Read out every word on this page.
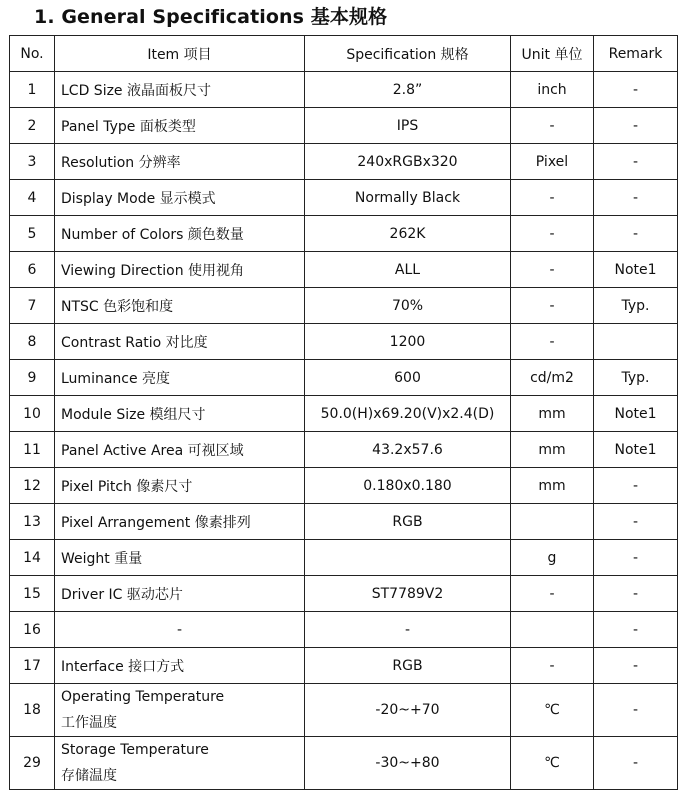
1. General Specifications 基本规格
No.	Item 项目	Specification 规格	Unit 单位	Remark
1	LCD Size 液晶面板尺寸	2.8”	inch	-
2	Panel Type 面板类型	IPS	-	-
3	Resolution 分辨率	240xRGBx320	Pixel	-
4	Display Mode 显示模式	Normally Black	-	-
5	Number of Colors 颜色数量	262K	-	-
6	Viewing Direction 使用视角	ALL	-	Note1
7	NTSC 色彩饱和度	70%	-	Typ.
8	Contrast Ratio 对比度	1200	-	
9	Luminance 亮度	600	cd/m2	Typ.
10	Module Size 模组尺寸	50.0(H)x69.20(V)x2.4(D)	mm	Note1
11	Panel Active Area 可视区域	43.2x57.6	mm	Note1
12	Pixel Pitch 像素尺寸	0.180x0.180	mm	-
13	Pixel Arrangement 像素排列	RGB		-
14	Weight 重量		g	-
15	Driver IC 驱动芯片	ST7789V2	-	-
16	-	-		-
17	Interface 接口方式	RGB	-	-
18	Operating Temperature
工作温度	-20~+70	℃	-
29	Storage Temperature
存储温度	-30~+80	℃	-
